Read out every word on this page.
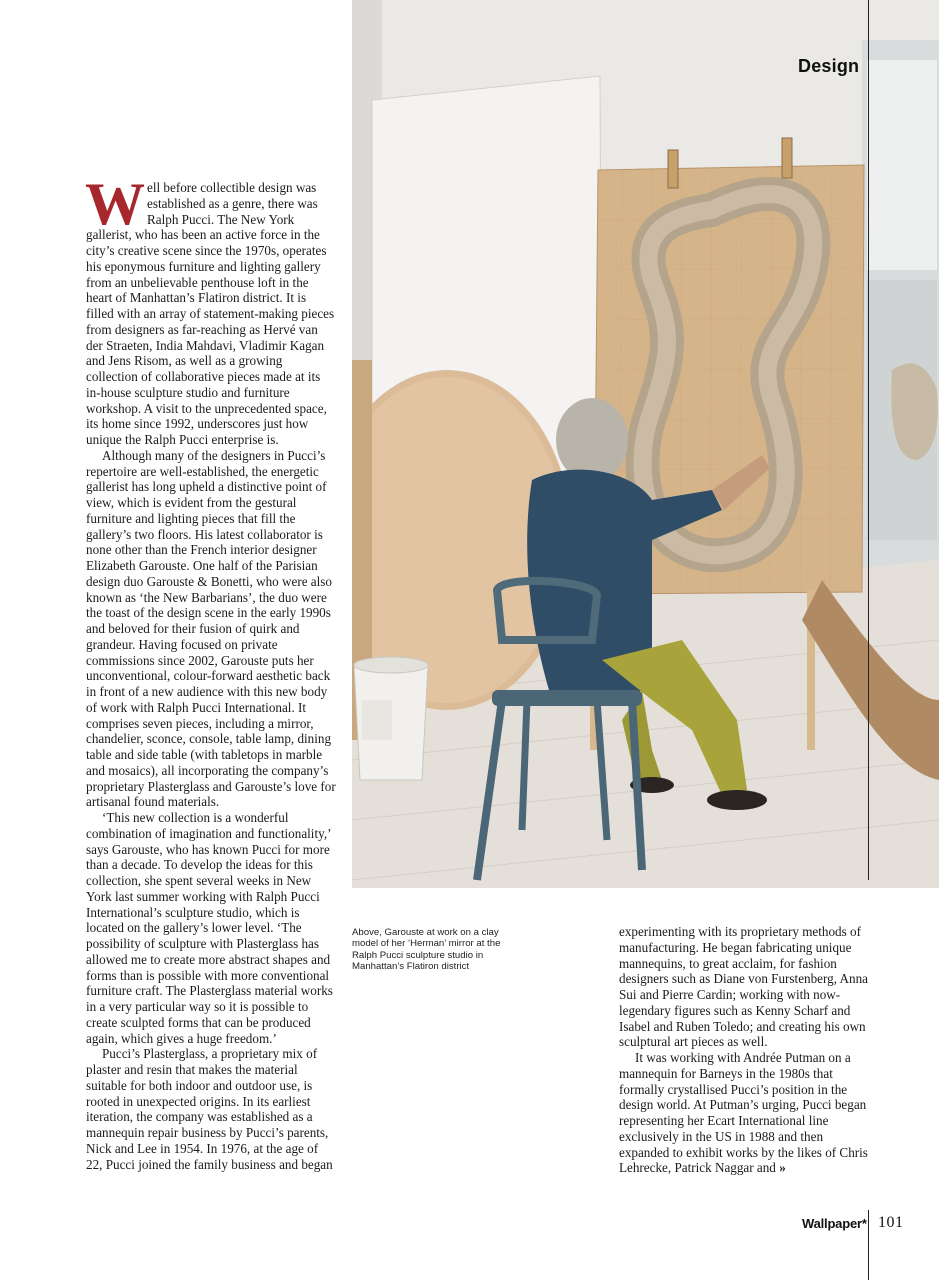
Design

Well before collectible design was established as a genre, there was Ralph Pucci. The New York gallerist, who has been an active force in the city’s creative scene since the 1970s, operates his eponymous furniture and lighting gallery from an unbelievable penthouse loft in the heart of Manhattan’s Flatiron district. It is filled with an array of statement-making pieces from designers as far-reaching as Hervé van der Straeten, India Mahdavi, Vladimir Kagan and Jens Risom, as well as a growing collection of collaborative pieces made at its in-house sculpture studio and furniture workshop. A visit to the unprecedented space, its home since 1992, underscores just how unique the Ralph Pucci enterprise is.

Although many of the designers in Pucci’s repertoire are well-established, the energetic gallerist has long upheld a distinctive point of view, which is evident from the gestural furniture and lighting pieces that fill the gallery’s two floors. His latest collaborator is none other than the French interior designer Elizabeth Garouste. One half of the Parisian design duo Garouste & Bonetti, who were also known as ‘the New Barbarians’, the duo were the toast of the design scene in the early 1990s and beloved for their fusion of quirk and grandeur. Having focused on private commissions since 2002, Garouste puts her unconventional, colour-forward aesthetic back in front of a new audience with this new body of work with Ralph Pucci International. It comprises seven pieces, including a mirror, chandelier, sconce, console, table lamp, dining table and side table (with tabletops in marble and mosaics), all incorporating the company’s proprietary Plasterglass and Garouste’s love for artisanal found materials.

‘This new collection is a wonderful combination of imagination and functionality,’ says Garouste, who has known Pucci for more than a decade. To develop the ideas for this collection, she spent several weeks in New York last summer working with Ralph Pucci International’s sculpture studio, which is located on the gallery’s lower level. ‘The possibility of sculpture with Plasterglass has allowed me to create more abstract shapes and forms than is possible with more conventional furniture craft. The Plasterglass material works in a very particular way so it is possible to create sculpted forms that can be produced again, which gives a huge freedom.’

Pucci’s Plasterglass, a proprietary mix of plaster and resin that makes the material suitable for both indoor and outdoor use, is rooted in unexpected origins. In its earliest iteration, the company was established as a mannequin repair business by Pucci’s parents, Nick and Lee in 1954. In 1976, at the age of 22, Pucci joined the family business and began

Above, Garouste at work on a clay model of her ‘Herman’ mirror at the Ralph Pucci sculpture studio in Manhattan’s Flatiron district

experimenting with its proprietary methods of manufacturing. He began fabricating unique mannequins, to great acclaim, for fashion designers such as Diane von Furstenberg, Anna Sui and Pierre Cardin; working with now-legendary figures such as Kenny Scharf and Isabel and Ruben Toledo; and creating his own sculptural art pieces as well.

It was working with Andrée Putman on a mannequin for Barneys in the 1980s that formally crystallised Pucci’s position in the design world. At Putman’s urging, Pucci began representing her Ecart International line exclusively in the US in 1988 and then expanded to exhibit works by the likes of Chris Lehrecke, Patrick Naggar and »

Wallpaper* 101
